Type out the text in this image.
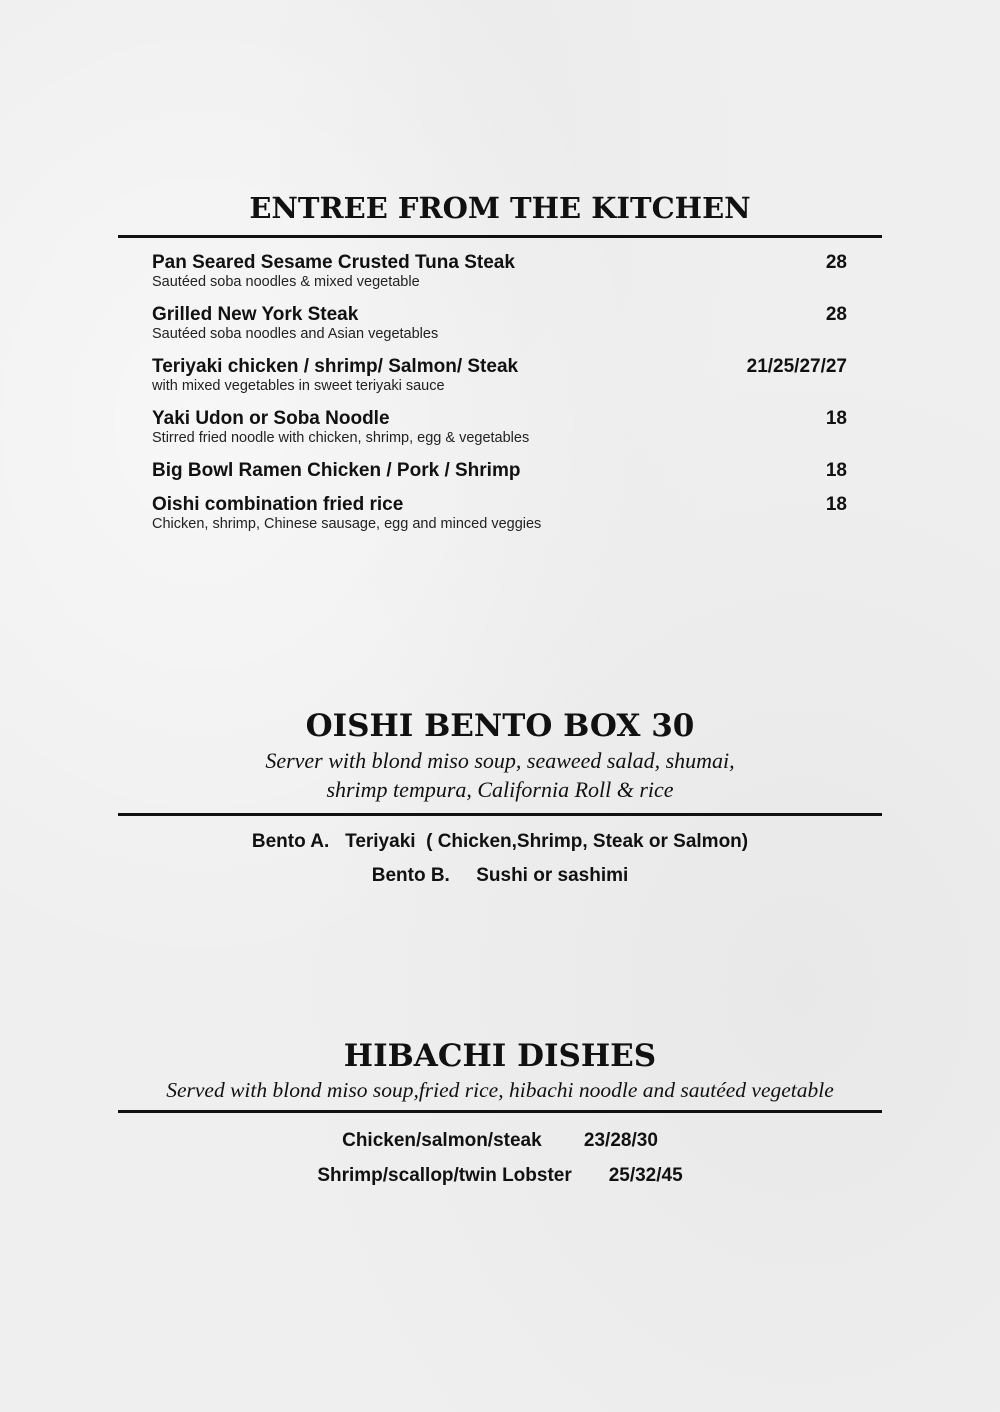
ENTREE FROM THE KITCHEN
Pan Seared Sesame Crusted Tuna Steak	28
Sautéed soba noodles & mixed vegetable
Grilled New York Steak	28
Sautéed soba noodles and Asian vegetables
Teriyaki chicken / shrimp/ Salmon/ Steak	21/25/27/27
with mixed vegetables in sweet teriyaki sauce
Yaki Udon or Soba Noodle	18
Stirred fried noodle with chicken, shrimp, egg & vegetables
Big Bowl Ramen Chicken / Pork / Shrimp	18
Oishi combination fried rice	18
Chicken, shrimp, Chinese sausage, egg and minced veggies
OISHI BENTO BOX 30

Server with blond miso soup, seaweed salad, shumai,

shrimp tempura, California Roll & rice

Bento A. Teriyaki  ( Chicken,Shrimp, Steak or Salmon)
Bento B. Sushi or sashimi
HIBACHI DISHES

Served with blond miso soup,fried rice, hibachi noodle and sautéed vegetable

Chicken/salmon/steak 23/28/30
Shrimp/scallop/twin Lobster 25/32/45
